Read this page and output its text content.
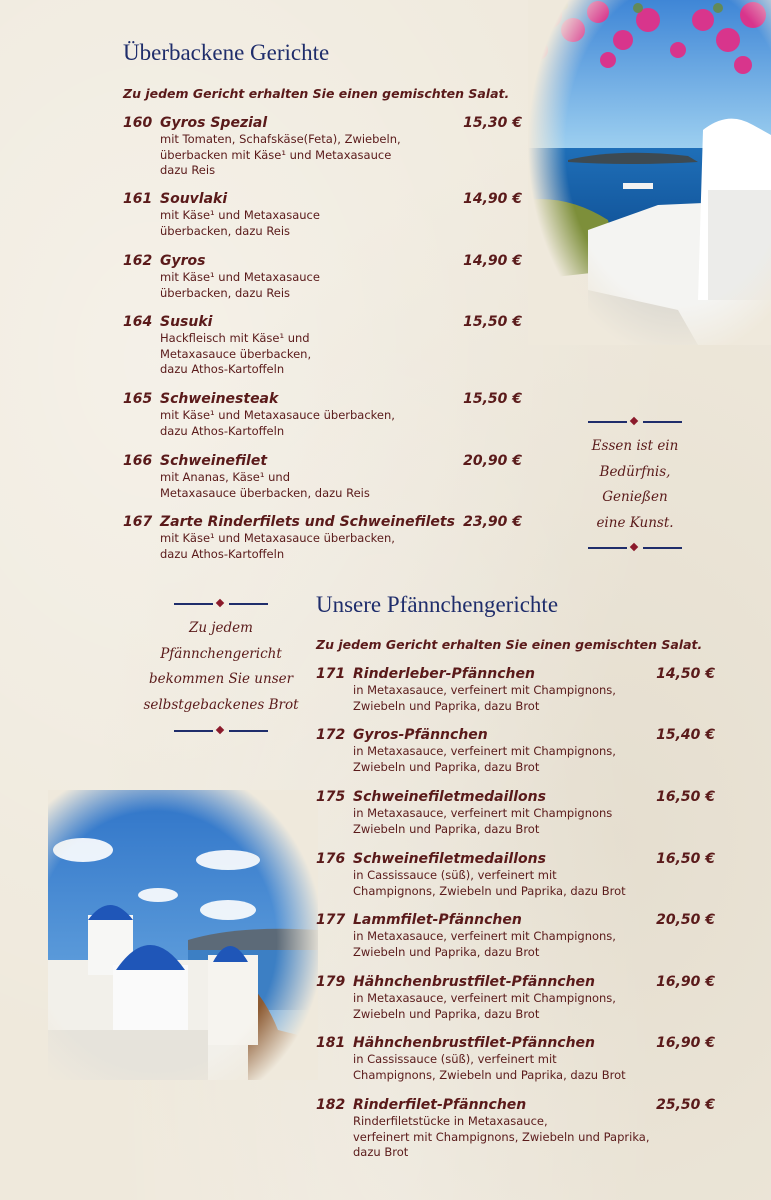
Überbackene Gerichte
Zu jedem Gericht erhalten Sie einen gemischten Salat.
160 Gyros Spezial	15,30 €
mit Tomaten, Schafskäse(Feta), Zwiebeln,
überbacken mit Käse¹ und Metaxasauce
dazu Reis
161 Souvlaki	14,90 €
mit Käse¹ und Metaxasauce
überbacken, dazu Reis
162 Gyros	14,90 €
mit Käse¹ und Metaxasauce
überbacken, dazu Reis
164 Susuki	15,50 €
Hackfleisch mit Käse¹ und
Metaxasauce überbacken,
dazu Athos-Kartoffeln
165 Schweinesteak	15,50 €
mit Käse¹ und Metaxasauce überbacken,
dazu Athos-Kartoffeln
166 Schweinefilet	20,90 €
mit Ananas, Käse¹ und
Metaxasauce überbacken, dazu Reis
167 Zarte Rinderfilets und Schweinefilets 23,90 €
mit Käse¹ und Metaxasauce überbacken,
dazu Athos-Kartoffeln
Essen ist ein
Bedürfnis,
Genießen
eine Kunst.
Zu jedem
Pfännchengericht
bekommen Sie unser
selbstgebackenes Brot
Unsere Pfännchengerichte
Zu jedem Gericht erhalten Sie einen gemischten Salat.
171 Rinderleber-Pfännchen	14,50 €
in Metaxasauce, verfeinert mit Champignons,
Zwiebeln und Paprika, dazu Brot
172 Gyros-Pfännchen	15,40 €
in Metaxasauce, verfeinert mit Champignons,
Zwiebeln und Paprika, dazu Brot
175 Schweinefiletmedaillons	16,50 €
in Metaxasauce, verfeinert mit Champignons
Zwiebeln und Paprika, dazu Brot
176 Schweinefiletmedaillons	16,50 €
in Cassissauce (süß), verfeinert mit
Champignons, Zwiebeln und Paprika, dazu Brot
177 Lammfilet-Pfännchen	20,50 €
in Metaxasauce, verfeinert mit Champignons,
Zwiebeln und Paprika, dazu Brot
179 Hähnchenbrustfilet-Pfännchen	16,90 €
in Metaxasauce, verfeinert mit Champignons,
Zwiebeln und Paprika, dazu Brot
181 Hähnchenbrustfilet-Pfännchen	16,90 €
in Cassissauce (süß), verfeinert mit
Champignons, Zwiebeln und Paprika, dazu Brot
182 Rinderfilet-Pfännchen	25,50 €
Rinderfiletstücke in Metaxasauce,
verfeinert mit Champignons, Zwiebeln und Paprika,
dazu Brot
